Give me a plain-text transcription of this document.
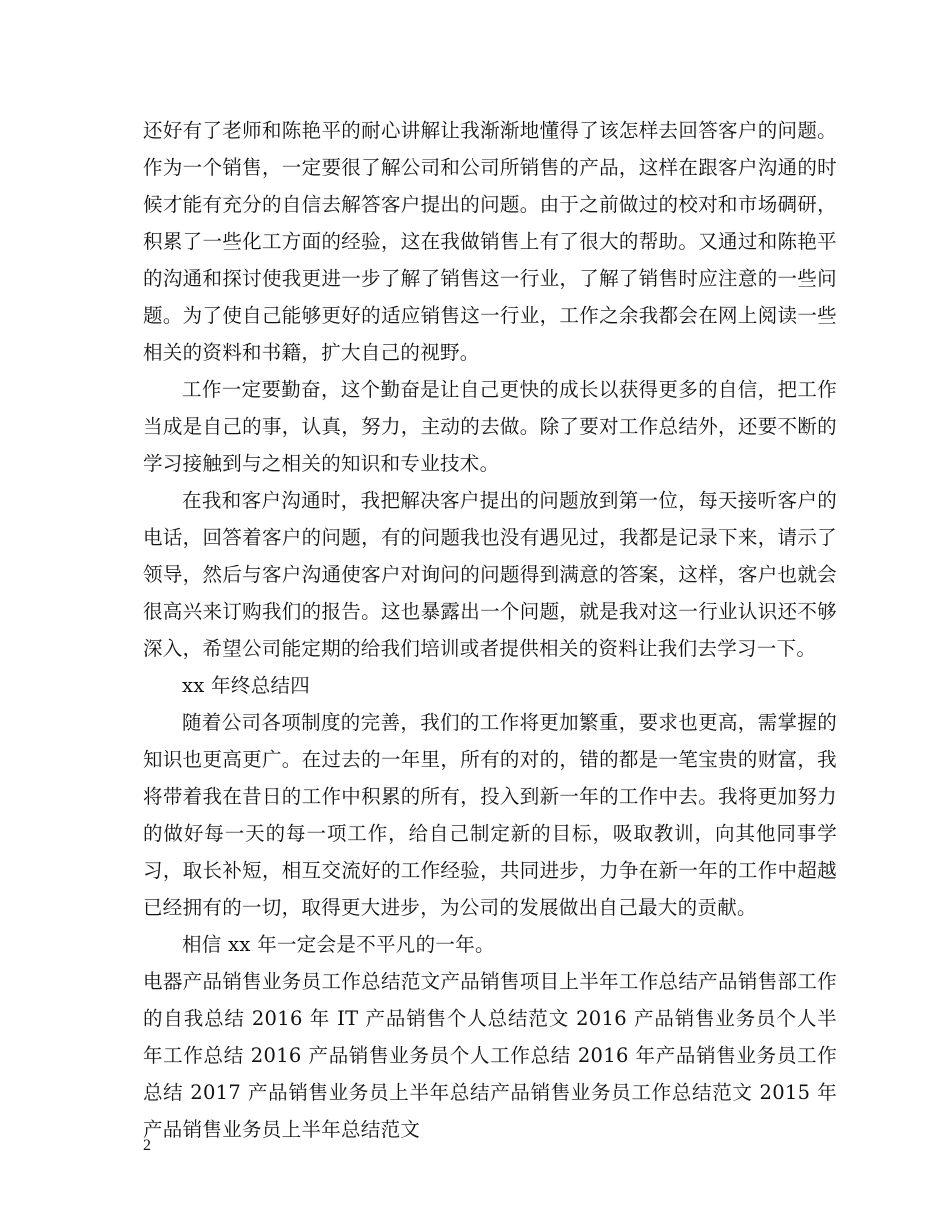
还好有了老师和陈艳平的耐心讲解让我渐渐地懂得了该怎样去回答客户的问题。作为一个销售，一定要很了解公司和公司所销售的产品，这样在跟客户沟通的时候才能有充分的自信去解答客户提出的问题。由于之前做过的校对和市场碉研，积累了一些化工方面的经验，这在我做销售上有了很大的帮助。又通过和陈艳平的沟通和探讨使我更进一步了解了销售这一行业，了解了销售时应注意的一些问题。为了使自己能够更好的适应销售这一行业，工作之余我都会在网上阅读一些相关的资料和书籍，扩大自己的视野。

工作一定要勤奋，这个勤奋是让自己更快的成长以获得更多的自信，把工作当成是自己的事，认真，努力，主动的去做。除了要对工作总结外，还要不断的学习接触到与之相关的知识和专业技术。

在我和客户沟通时，我把解决客户提出的问题放到第一位，每天接听客户的电话，回答着客户的问题，有的问题我也没有遇见过，我都是记录下来，请示了领导，然后与客户沟通使客户对询问的问题得到满意的答案，这样，客户也就会很高兴来订购我们的报告。这也暴露出一个问题，就是我对这一行业认识还不够深入，希望公司能定期的给我们培训或者提供相关的资料让我们去学习一下。

xx 年终总结四

随着公司各项制度的完善，我们的工作将更加繁重，要求也更高，需掌握的知识也更高更广。在过去的一年里，所有的对的，错的都是一笔宝贵的财富，我将带着我在昔日的工作中积累的所有，投入到新一年的工作中去。我将更加努力的做好每一天的每一项工作，给自己制定新的目标，吸取教训，向其他同事学习，取长补短，相互交流好的工作经验，共同进步，力争在新一年的工作中超越已经拥有的一切，取得更大进步，为公司的发展做出自己最大的贡献。

相信 xx 年一定会是不平凡的一年。

电器产品销售业务员工作总结范文产品销售项目上半年工作总结产品销售部工作的自我总结 2016 年 IT 产品销售个人总结范文 2016 产品销售业务员个人半年工作总结 2016 产品销售业务员个人工作总结 2016 年产品销售业务员工作总结 2017 产品销售业务员上半年总结产品销售业务员工作总结范文 2015 年产品销售业务员上半年总结范文

2
